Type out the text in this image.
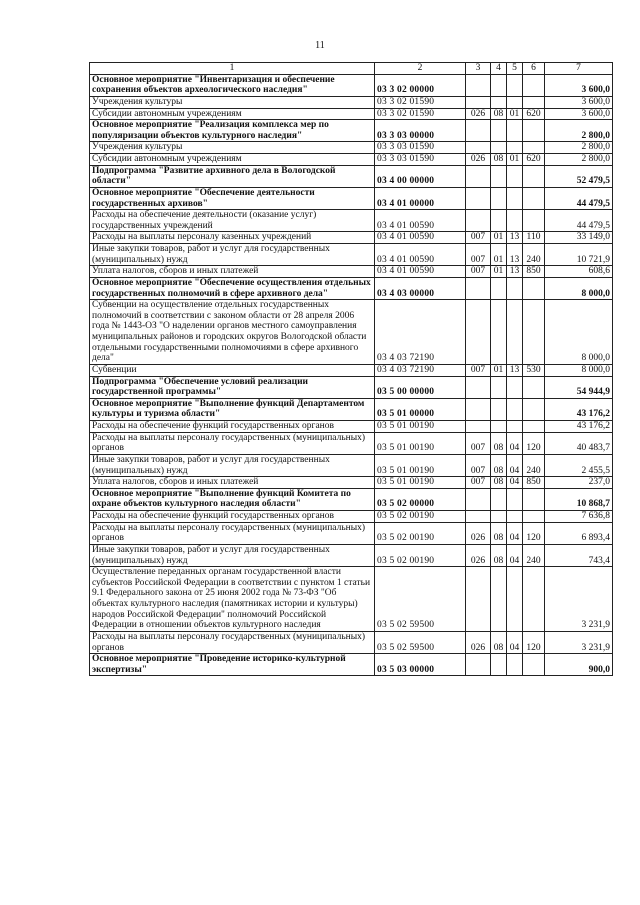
11
1	2	3	4	5	6	7
Основное мероприятие "Инвентаризация и обеспечение сохранения объектов археологического наследия"	03 3 02 00000					3 600,0
Учреждения культуры	03 3 02 01590					3 600,0
Субсидии автономным учреждениям	03 3 02 01590	026	08	01	620	3 600,0
Основное мероприятие "Реализация комплекса мер по популяризации объектов культурного наследия"	03 3 03 00000					2 800,0
Учреждения культуры	03 3 03 01590					2 800,0
Субсидии автономным учреждениям	03 3 03 01590	026	08	01	620	2 800,0
Подпрограмма "Развитие архивного дела в Вологодской области"	03 4 00 00000					52 479,5
Основное мероприятие "Обеспечение деятельности государственных архивов"	03 4 01 00000					44 479,5
Расходы на обеспечение деятельности (оказание услуг) государственных учреждений	03 4 01 00590					44 479,5
Расходы на выплаты персоналу казенных учреждений	03 4 01 00590	007	01	13	110	33 149,0
Иные закупки товаров, работ и услуг для государственных (муниципальных) нужд	03 4 01 00590	007	01	13	240	10 721,9
Уплата налогов, сборов и иных платежей	03 4 01 00590	007	01	13	850	608,6
Основное мероприятие "Обеспечение осуществления отдельных государственных полномочий в сфере архивного дела"	03 4 03 00000					8 000,0
Субвенции на осуществление отдельных государственных полномочий в соответствии с законом области от 28 апреля 2006 года № 1443-ОЗ "О наделении органов местного самоуправления муниципальных районов и городских округов Вологодской области отдельными государственными полномочиями в сфере архивного дела"	03 4 03 72190					8 000,0
Субвенции	03 4 03 72190	007	01	13	530	8 000,0
Подпрограмма "Обеспечение условий реализации государственной программы"	03 5 00 00000					54 944,9
Основное мероприятие "Выполнение функций Департаментом культуры и туризма области"	03 5 01 00000					43 176,2
Расходы на обеспечение функций государственных органов	03 5 01 00190					43 176,2
Расходы на выплаты персоналу государственных (муниципальных) органов	03 5 01 00190	007	08	04	120	40 483,7
Иные закупки товаров, работ и услуг для государственных (муниципальных) нужд	03 5 01 00190	007	08	04	240	2 455,5
Уплата налогов, сборов и иных платежей	03 5 01 00190	007	08	04	850	237,0
Основное мероприятие "Выполнение функций Комитета по охране объектов культурного наследия области"	03 5 02 00000					10 868,7
Расходы на обеспечение функций государственных органов	03 5 02 00190					7 636,8
Расходы на выплаты персоналу государственных (муниципальных) органов	03 5 02 00190	026	08	04	120	6 893,4
Иные закупки товаров, работ и услуг для государственных (муниципальных) нужд	03 5 02 00190	026	08	04	240	743,4
Осуществление переданных органам государственной власти субъектов Российской Федерации в соответствии с пунктом 1 статьи 9.1 Федерального закона от 25 июня 2002 года № 73-ФЗ "Об объектах культурного наследия (памятниках истории и культуры) народов Российской Федерации" полномочий Российской Федерации в отношении объектов культурного наследия	03 5 02 59500					3 231,9
Расходы на выплаты персоналу государственных (муниципальных) органов	03 5 02 59500	026	08	04	120	3 231,9
Основное мероприятие "Проведение историко-культурной экспертизы"	03 5 03 00000					900,0
